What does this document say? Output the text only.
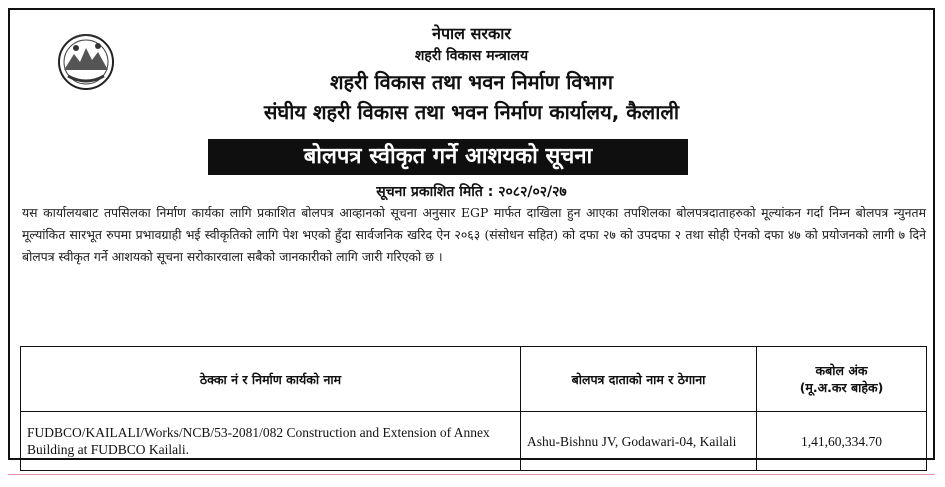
नेपाल सरकार
शहरी विकास मन्त्रालय
शहरी विकास तथा भवन निर्माण विभाग
संघीय शहरी विकास तथा भवन निर्माण कार्यालय, कैलाली
बोलपत्र स्वीकृत गर्ने आशयको सूचना
सूचना प्रकाशित मिति : २०८२/०२/२७
यस कार्यालयबाट तपसिलका निर्माण कार्यका लागि प्रकाशित बोलपत्र आव्हानको सूचना अनुसार EGP मार्फत दाखिला हुन आएका तपशिलका बोलपत्रदाताहरुको मूल्यांकन गर्दा निम्न बोलपत्र न्युनतम मूल्यांकित सारभूत रुपमा प्रभावग्राही भई स्वीकृतिको लागि पेश भएको हुँदा सार्वजनिक खरिद ऐन २०६३ (संसोधन सहित) को दफा २७ को उपदफा २ तथा सोही ऐनको दफा ४७ को प्रयोजनको लागी ७ दिने बोलपत्र स्वीकृत गर्ने आशयको सूचना सरोकारवाला सबैको जानकारीको लागि जारी गरिएको छ ।
ठेक्का नं र निर्माण कार्यको नाम	बोलपत्र दाताको नाम र ठेगाना	कबोल अंक
(मू.अ.कर बाहेक)

FUDBCO/KAILALI/Works/NCB/53-2081/082 Construction and Extension of Annex Building at FUDBCO Kailali.	Ashu-Bishnu JV, Godawari-04, Kailali	1,41,60,334.70
